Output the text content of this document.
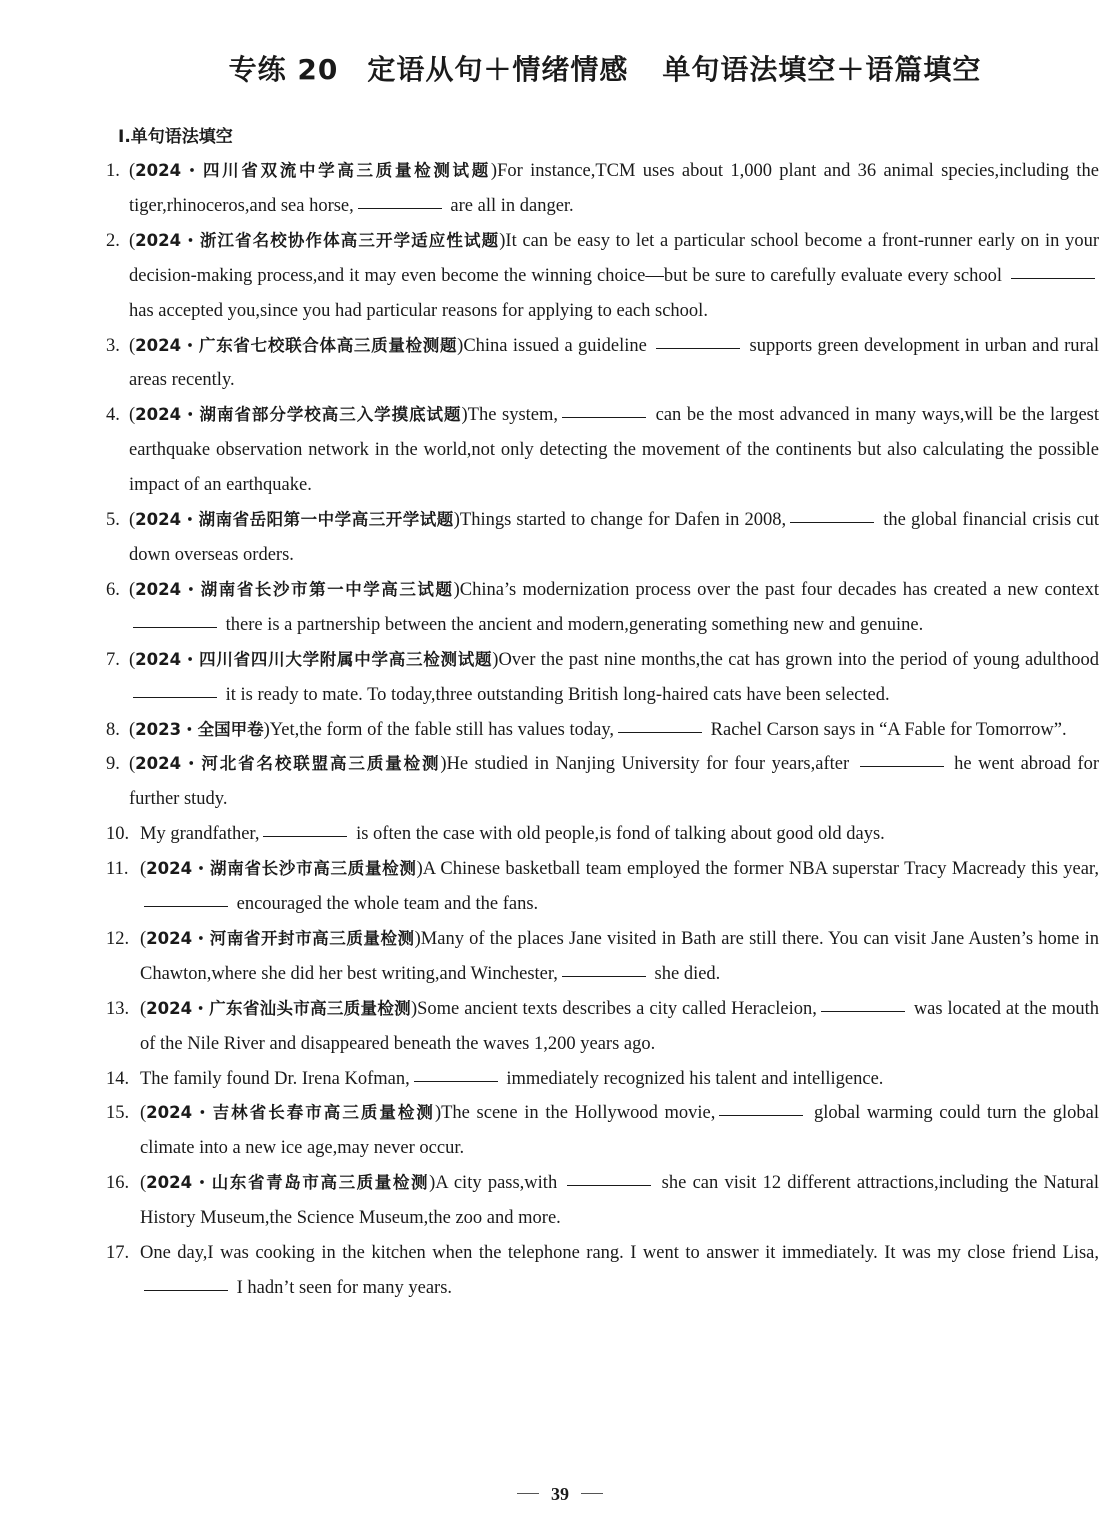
专练 20　定语从句＋情绪情感 单句语法填空＋语篇填空
Ⅰ.单句语法填空
1. (2024・四川省双流中学高三质量检测试题)For instance,TCM uses about 1,000 plant and 36 animal species,including the tiger,rhinoceros,and sea horse,	are all in danger.
2. (2024・浙江省名校协作体高三开学适应性试题)It can be easy to let a particular school become a front-runner early on in your decision-making process,and it may even become the winning choice—but be sure to carefully evaluate every school  has accepted you,since you had particular reasons for applying to each school.
3. (2024・广东省七校联合体高三质量检测题)China issued a guideline	supports green development in urban and rural areas recently.
4. (2024・湖南省部分学校高三入学摸底试题)The system,	can be the most advanced in many ways,will be the largest earthquake observation network in the world,not only detecting the movement of the continents but also calculating the possible impact of an earthquake.
5. (2024・湖南省岳阳第一中学高三开学试题)Things started to change for Dafen in 2008,	the global financial crisis cut down overseas orders.
6. (2024・湖南省长沙市第一中学高三试题)China’s modernization process over the past four decades has created a new context  there is a partnership between the ancient and modern,generating something new and genuine.
7. (2024・四川省四川大学附属中学高三检测试题)Over the past nine months,the cat has grown into the period of young adulthood  it is ready to mate. To today,three outstanding British long-haired cats have been selected.
8. (2023・全国甲卷)Yet,the form of the fable still has values today,	Rachel Carson says in “A Fable for Tomorrow”.
9. (2024・河北省名校联盟高三质量检测)He studied in Nanjing University for four years,after	he went abroad for further study.
10. My grandfather,	is often the case with old people,is fond of talking about good old days.
11. (2024・湖南省长沙市高三质量检测)A Chinese basketball team employed the former NBA superstar Tracy Macready this year, encouraged the whole team and the fans.
12. (2024・河南省开封市高三质量检测)Many of the places Jane visited in Bath are still there. You can visit Jane Austen’s home in Chawton,where she did her best writing,and Winchester,	she died.
13. (2024・广东省汕头市高三质量检测)Some ancient texts describes a city called Heracleion,	was located at the mouth of the Nile River and disappeared beneath the waves 1,200 years ago.
14. The family found Dr. Irena Kofman,	immediately recognized his talent and intelligence.
15. (2024・吉林省长春市高三质量检测)The scene in the Hollywood movie,	global warming could turn the global climate into a new ice age,may never occur.
16. (2024・山东省青岛市高三质量检测)A city pass,with	she can visit 12 different attractions,including the Natural History Museum,the Science Museum,the zoo and more.
17. One day,I was cooking in the kitchen when the telephone rang. I went to answer it immediately. It was my close friend Lisa, I hadn’t seen for many years.
39
